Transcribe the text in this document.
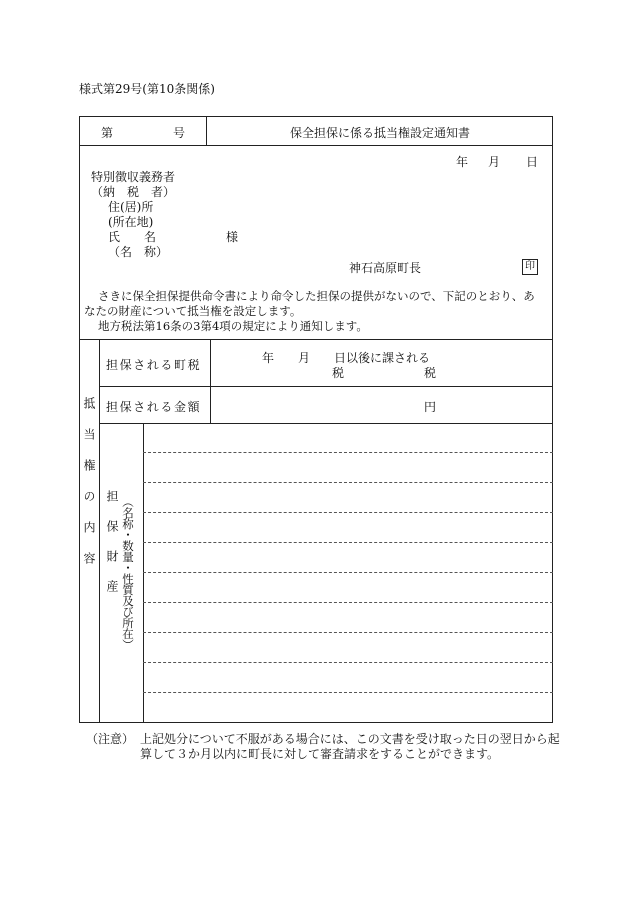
様式第29号(第10条関係)
第	号	保全担保に係る抵当権設定通知書
年 月 日
特別徴収義務者
（納　税　者）
住(居)所
(所在地)
氏　　名	様
（名　称）
神石高原町長	印
さきに保全担保提供命令書により命令した担保の提供がないので、下記のとおり、あ
なたの財産について抵当権を設定します。
地方税法第16条の3第4項の規定により通知します。
抵当権の内容
担保される町税	年　　月　　日以後に課される
税	税
担保される金額	円
担保財産 （名称・数量・性質及び所在）
（注意） 上記処分について不服がある場合には、この文書を受け取った日の翌日から起
算して３か月以内に町長に対して審査請求をすることができます。
